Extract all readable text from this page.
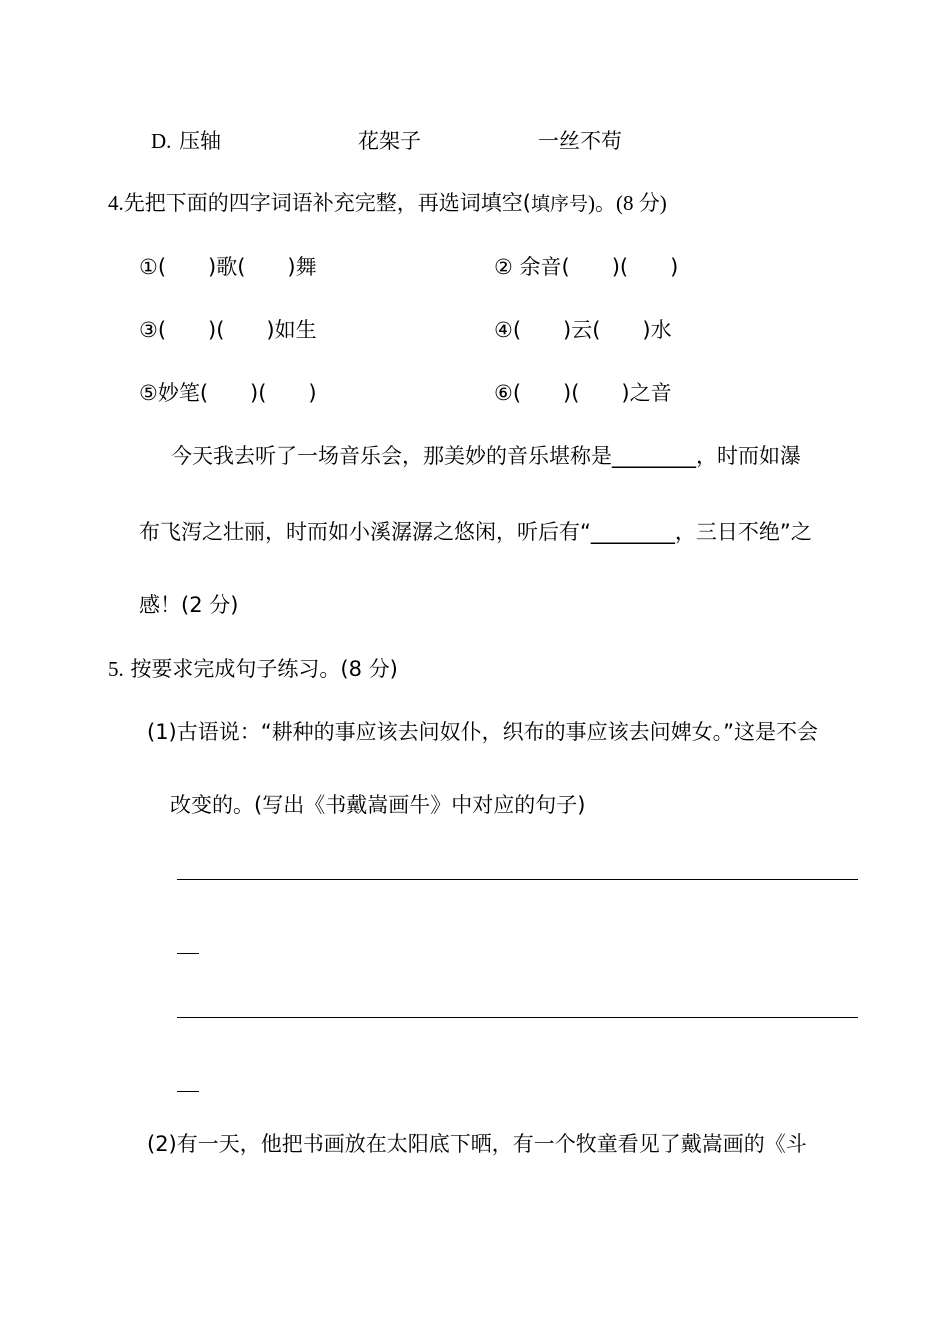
D. 压轴	花架子	一丝不苟
4.先把下面的四字词语补充完整，再选词填空(填序号)。(8 分)
①(　　)歌(　　)舞	② 余音(　　)(　　)
③(　　)(　　)如生	④(　　)云(　　)水
⑤妙笔(　　)(　　)	⑥(　　)(　　)之音
今天我去听了一场音乐会，那美妙的音乐堪称是________，时而如瀑
布飞泻之壮丽，时而如小溪潺潺之悠闲，听后有“________，三日不绝”之
感！(2 分)
5. 按要求完成句子练习。(8 分)
(1)古语说：“耕种的事应该去问奴仆，织布的事应该去问婢女。”这是不会
改变的。(写出《书戴嵩画牛》中对应的句子)
(2)有一天，他把书画放在太阳底下晒，有一个牧童看见了戴嵩画的《斗
